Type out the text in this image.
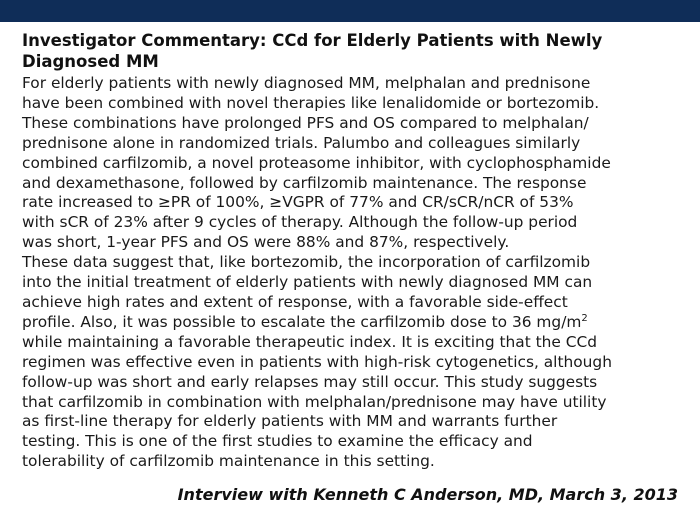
Investigator Commentary: CCd for Elderly Patients with Newly
Diagnosed MM
For elderly patients with newly diagnosed MM, melphalan and prednisone
have been combined with novel therapies like lenalidomide or bortezomib.
These combinations have prolonged PFS and OS compared to melphalan/
prednisone alone in randomized trials. Palumbo and colleagues similarly
combined carfilzomib, a novel proteasome inhibitor, with cyclophosphamide
and dexamethasone, followed by carfilzomib maintenance. The response
rate increased to ≥PR of 100%, ≥VGPR of 77% and CR/sCR/nCR of 53%
with sCR of 23% after 9 cycles of therapy. Although the follow-up period
was short, 1-year PFS and OS were 88% and 87%, respectively.
These data suggest that, like bortezomib, the incorporation of carfilzomib
into the initial treatment of elderly patients with newly diagnosed MM can
achieve high rates and extent of response, with a favorable side-effect
profile. Also, it was possible to escalate the carfilzomib dose to 36 $mg/m^2$
while maintaining a favorable therapeutic index. It is exciting that the CCd
regimen was effective even in patients with high-risk cytogenetics, although
follow-up was short and early relapses may still occur. This study suggests
that carfilzomib in combination with melphalan/prednisone may have utility
as first-line therapy for elderly patients with MM and warrants further
testing. This is one of the first studies to examine the efficacy and
tolerability of carfilzomib maintenance in this setting.
Interview with Kenneth C Anderson, MD, March 3, 2013
